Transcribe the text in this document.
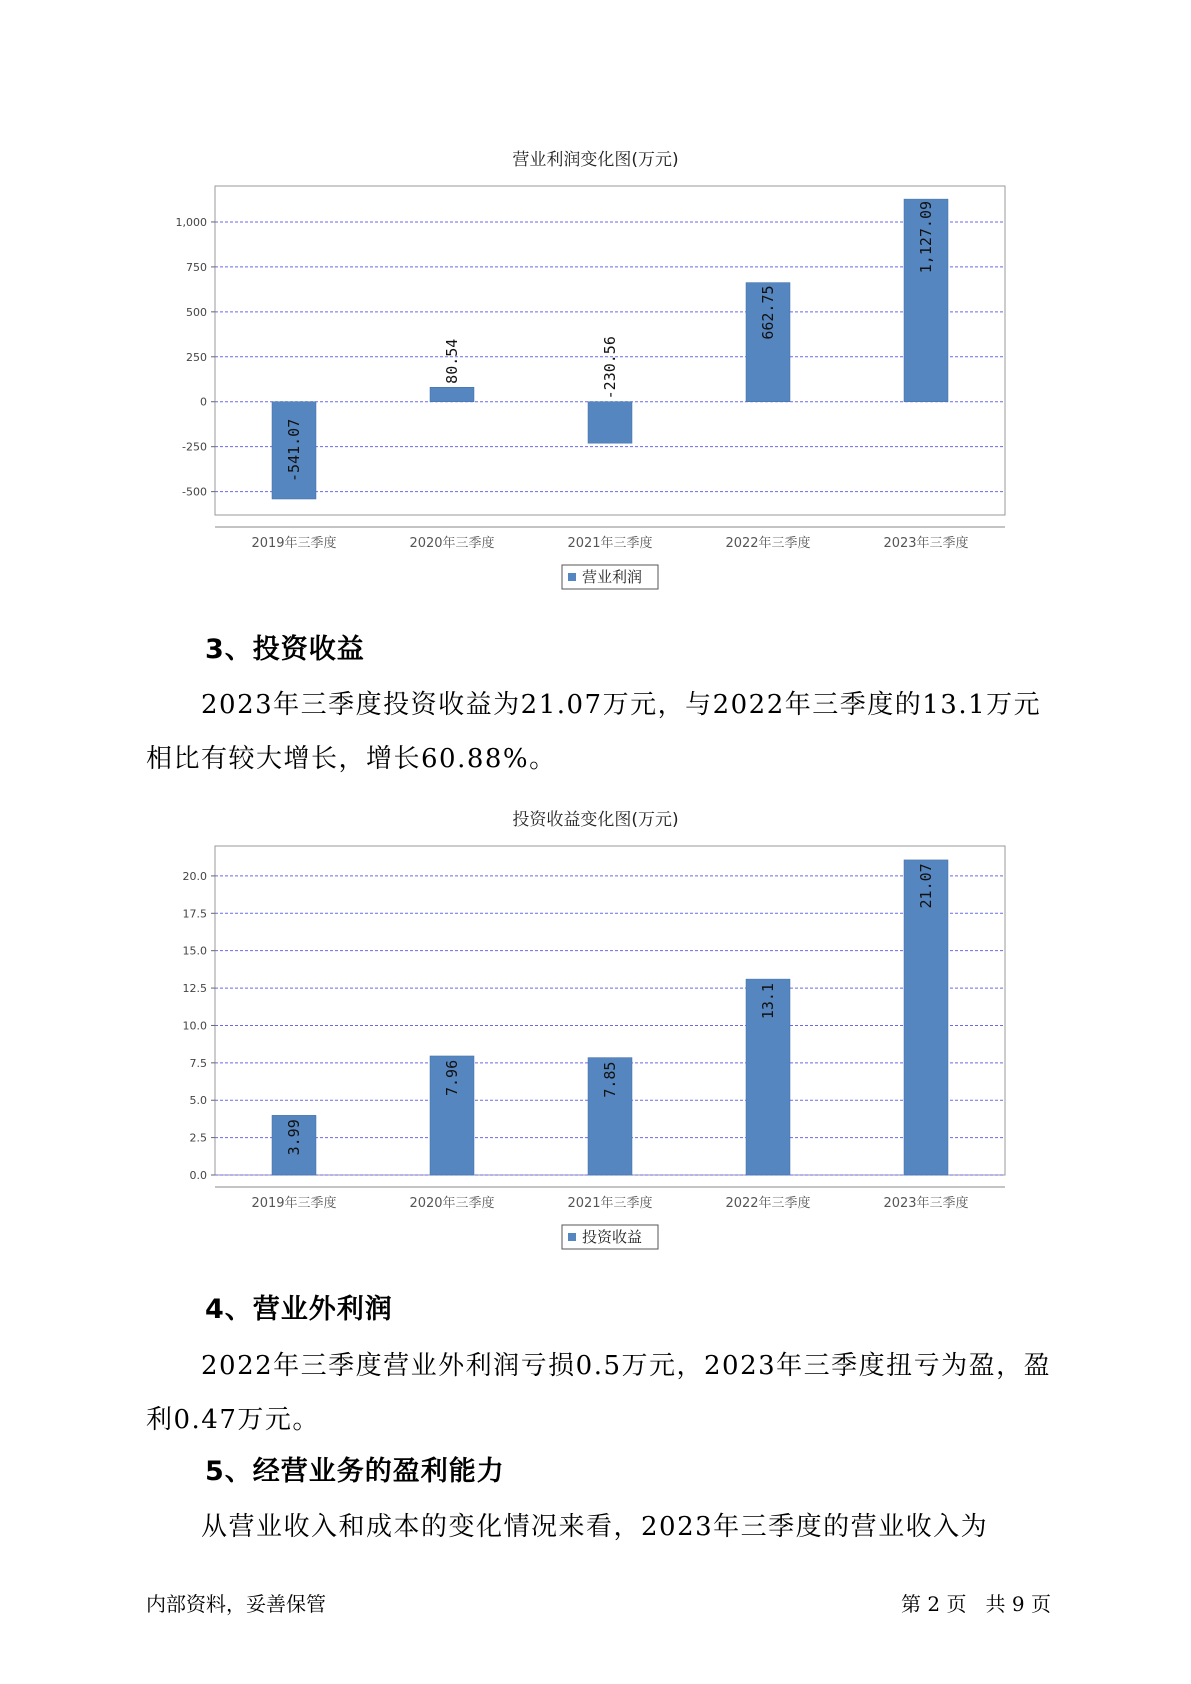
营业利润变化图(万元)
-500
-250
0
250
500
750
1,000
-541.07
2019年三季度
80.54
2020年三季度
-230.56
2021年三季度
662.75
2022年三季度
1,127.09
2023年三季度
营业利润
3、投资收益
2023年三季度投资收益为21.07万元，与2022年三季度的13.1万元相比有较大增长，增长60.88%。
投资收益变化图(万元)
0.0
2.5
5.0
7.5
10.0
12.5
15.0
17.5
20.0
3.99
2019年三季度
7.96
2020年三季度
7.85
2021年三季度
13.1
2022年三季度
21.07
2023年三季度
投资收益
4、营业外利润
2022年三季度营业外利润亏损0.5万元，2023年三季度扭亏为盈，盈利0.47万元。
5、经营业务的盈利能力
从营业收入和成本的变化情况来看，2023年三季度的营业收入为
内部资料，妥善保管	第 2 页   共 9 页
